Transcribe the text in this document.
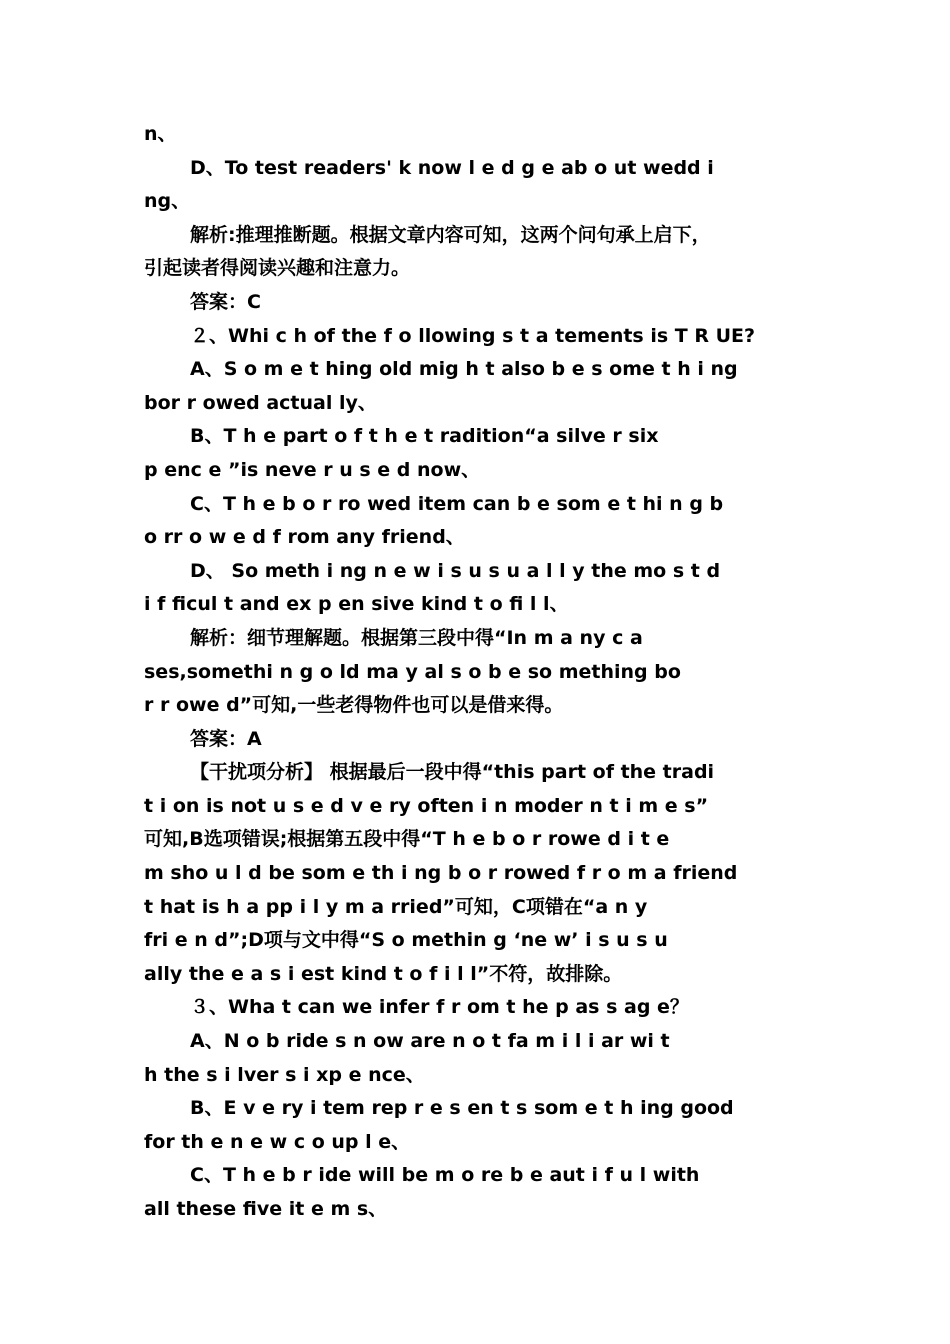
n、
D、To test readers' k now l e d g e ab o ut wedd i
ng、
解析:推理推断题。根据文章内容可知，这两个问句承上启下，
引起读者得阅读兴趣和注意力。
答案：C
２、Whi c h of the f o llowing s t a tements is T R UE?
A、S o m e t hing old mig h t also b e s ome t h i ng
bor r owed actual ly、
B、T h e part o f t h e t radition“a silve r six
p enc e ”is neve r u s e d now、
C、T h e b o r ro wed item can b e som e t hi n g b
o rr o w e d f rom any friend、
D、 So meth i ng n e w i s u s u a l l y the mo s t d
i f ficul t and ex p en sive kind t o fi l l、
解析：细节理解题。根据第三段中得“In m a ny c a
ses,somethi n g o ld ma y al s o b e so mething bo
r r owe d”可知,一些老得物件也可以是借来得。
答案：A
【干扰项分析】 根据最后一段中得“this part of the tradi
t i on is not u s e d v e ry often i n moder n t i m e s”
可知,B选项错误;根据第五段中得“T h e b o r rowe d i t e
m sho u l d be som e th i ng b o r rowed f r o m a friend
t hat is h a pp i l y m a rried”可知，C项错在“a n y
fri e n d”;D项与文中得“S o methin g ‘ne w’ i s u s u
ally the e a s i est kind t o f i l l”不符，故排除。
３、Wha t can we infer f r om t he p as s ag e？
A、N o b ride s n ow are n o t fa m i l i ar wi t
h the s i lver s i xp e nce、
B、E v e ry i tem rep r e s en t s som e t h ing good
for th e n e w c o up l e、
C、T h e b r ide will be m o re b e aut i f u l with
all these five it e m s、
